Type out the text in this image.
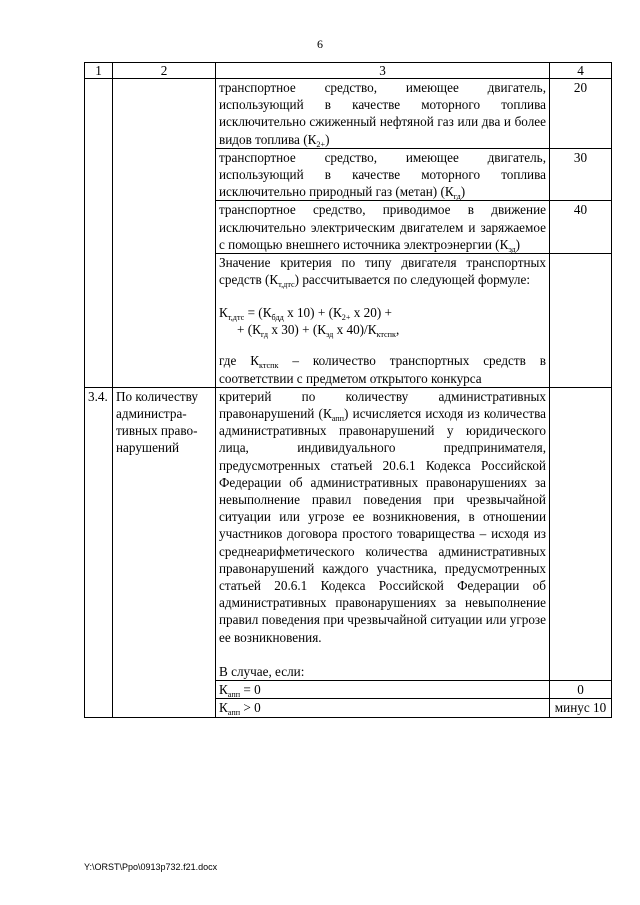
6
1	2	3	4
		транспортное средство, имеющее двигатель, использующий в качестве моторного топлива исключительно сжиженный нефтяной газ или два и более видов топлива $(К_{2+})$	20
		транспортное средство, имеющее двигатель, использующий в качестве моторного топлива исключительно природный газ (метан) $(К_{гд})$	30
		транспортное средство, приводимое в движение исключительно электрическим двигателем и заряжаемое с помощью внешнего источника электроэнергии $(К_{эд})$	40

		Значение критерия по типу двигателя транспортных средств $(К_{т,дтс})$ рассчитывается по следующей формуле:
$К_{т,дтс} = (К_{бдд}$ х $10) + (К_{2+}$ х 20) +
+ ($К_{гд}$ х $30) + (К_{эд}$ х $40)/К_{ктспк}$,
где $К_{ктспк}$ – количество транспортных средств в соответствии с предметом открытого конкурса	

3.4.	По количеству администра-тивных право-нарушений	критерий по количеству административных правонарушений $(К_{апп})$ исчисляется исходя из количества административных правонарушений у юридического лица, индивидуального предпринимателя, предусмотренных статьей 20.6.1 Кодекса Российской Федерации об административных правонарушениях за невыполнение правил поведения при чрезвычайной ситуации или угрозе ее возникновения, в отношении участников договора простого товарищества – исходя из среднеарифметического количества административных правонарушений каждого участника, предусмотренных статьей 20.6.1 Кодекса Российской Федерации об административных правонарушениях за невыполнение правил поведения при чрезвычайной ситуации или угрозе ее возникновения.
В случае, если:	

		$К_{апп} = 0$	0
		$К_{апп} > 0$	минус 10
Y:\ORST\Ppo\0913p732.f21.docx
